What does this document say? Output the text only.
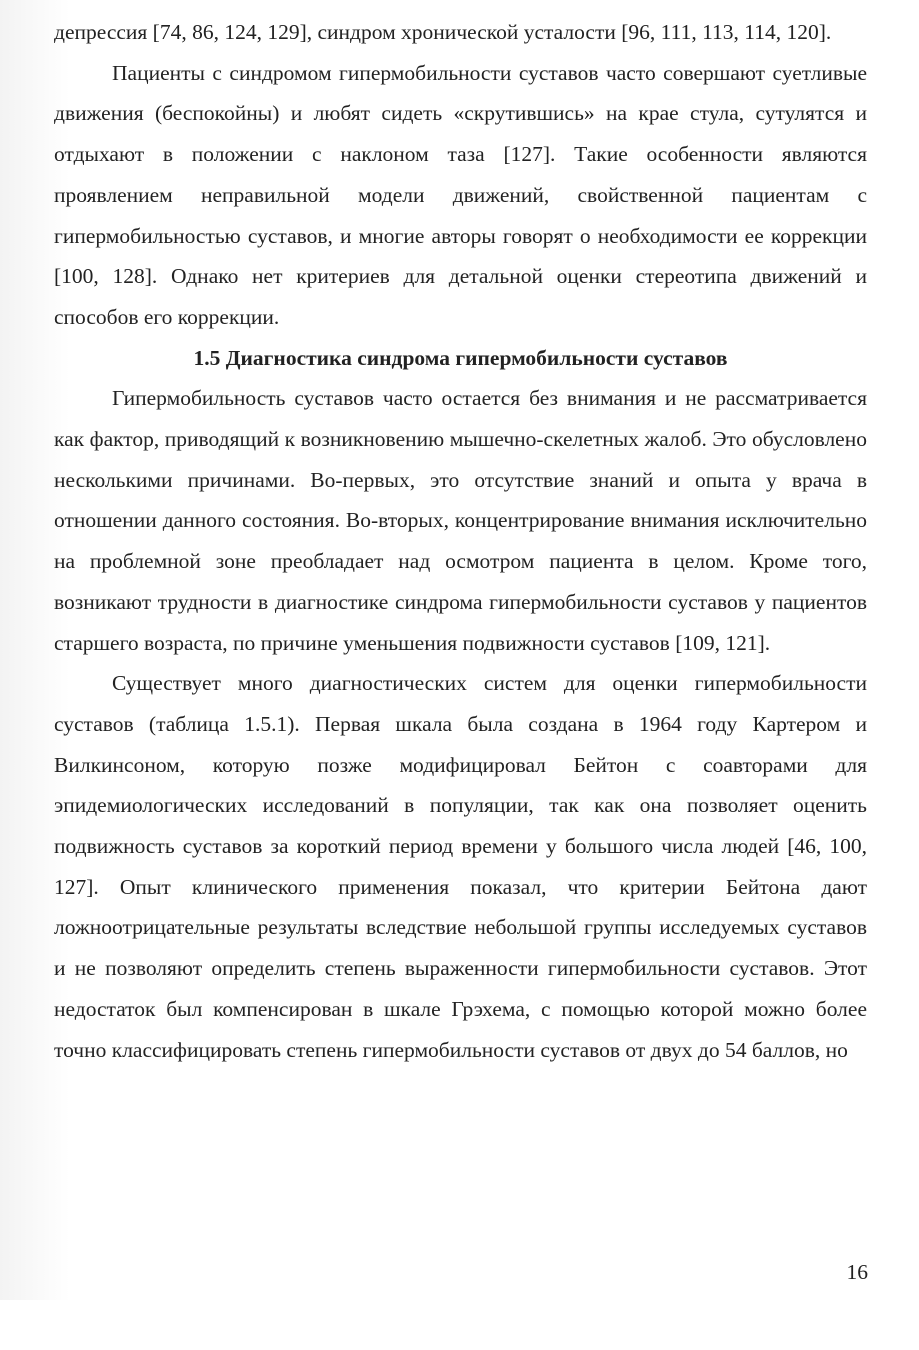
депрессия [74, 86, 124, 129], синдром хронической усталости [96, 111, 113, 114, 120].

Пациенты с синдромом гипермобильности суставов часто совершают суетливые движения (беспокойны) и любят сидеть «скрутившись» на крае стула, сутулятся и отдыхают в положении с наклоном таза [127]. Такие особенности являются проявлением неправильной модели движений, свойственной пациентам с гипермобильностью суставов, и многие авторы говорят о необходимости ее коррекции [100, 128]. Однако нет критериев для детальной оценки стереотипа движений и способов его коррекции.

1.5 Диагностика синдрома гипермобильности суставов

Гипермобильность суставов часто остается без внимания и не рассматривается как фактор, приводящий к возникновению мышечно-скелетных жалоб. Это обусловлено несколькими причинами. Во-первых, это отсутствие знаний и опыта у врача в отношении данного состояния. Во-вторых, концентрирование внимания исключительно на проблемной зоне преобладает над осмотром пациента в целом. Кроме того, возникают трудности в диагностике синдрома гипермобильности суставов у пациентов старшего возраста, по причине уменьшения подвижности суставов [109, 121].

Существует много диагностических систем для оценки гипермобильности суставов (таблица 1.5.1). Первая шкала была создана в 1964 году Картером и Вилкинсоном, которую позже модифицировал Бейтон с соавторами для эпидемиологических исследований в популяции, так как она позволяет оценить подвижность суставов за короткий период времени у большого числа людей [46, 100, 127]. Опыт клинического применения показал, что критерии Бейтона дают ложноотрицательные результаты вследствие небольшой группы исследуемых суставов и не позволяют определить степень выраженности гипермобильности суставов. Этот недостаток был компенсирован в шкале Грэхема, с помощью которой можно более точно классифицировать степень гипермобильности суставов от двух до 54 баллов, но

16
